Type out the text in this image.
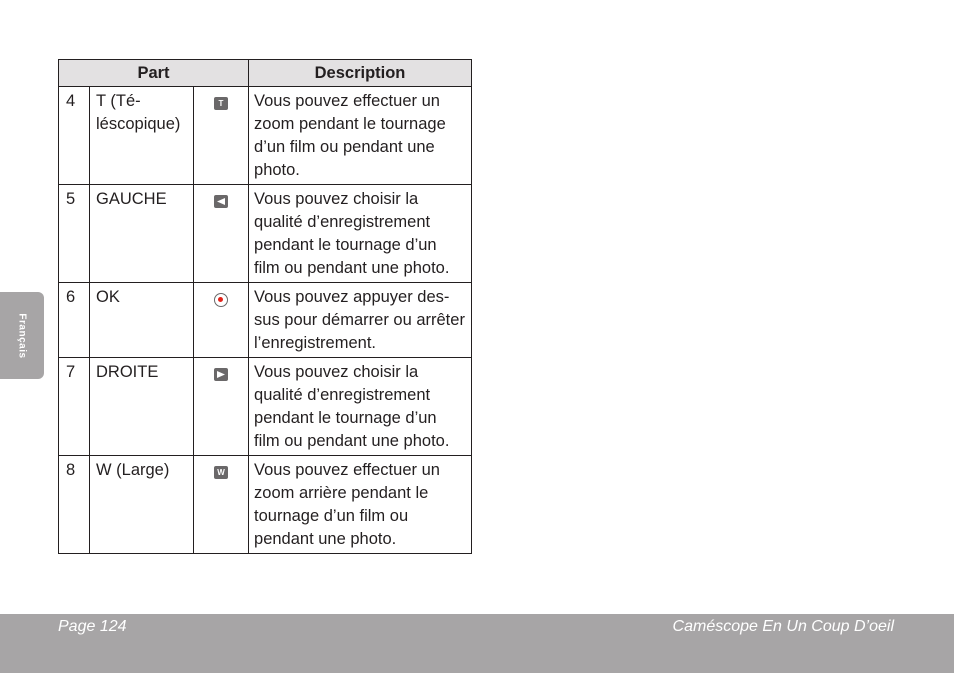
Français
Part			Description
4	T (Té-léscopique)	T	Vous pouvez effectuer un zoom pendant le tournage d’un film ou pendant une photo.
5	GAUCHE		Vous pouvez choisir la qualité d’enregistrement pendant le tournage d’un film ou pendant une photo.
6	OK		Vous pouvez appuyer des-sus pour démarrer ou arrêter l’enregistrement.
7	DROITE		Vous pouvez choisir la qualité d’enregistrement pendant le tournage d’un film ou pendant une photo.
8	W (Large)	W	Vous pouvez effectuer un zoom arrière pendant le tournage d’un film ou pendant une photo.
Page 124	Caméscope En Un Coup D’oeil
